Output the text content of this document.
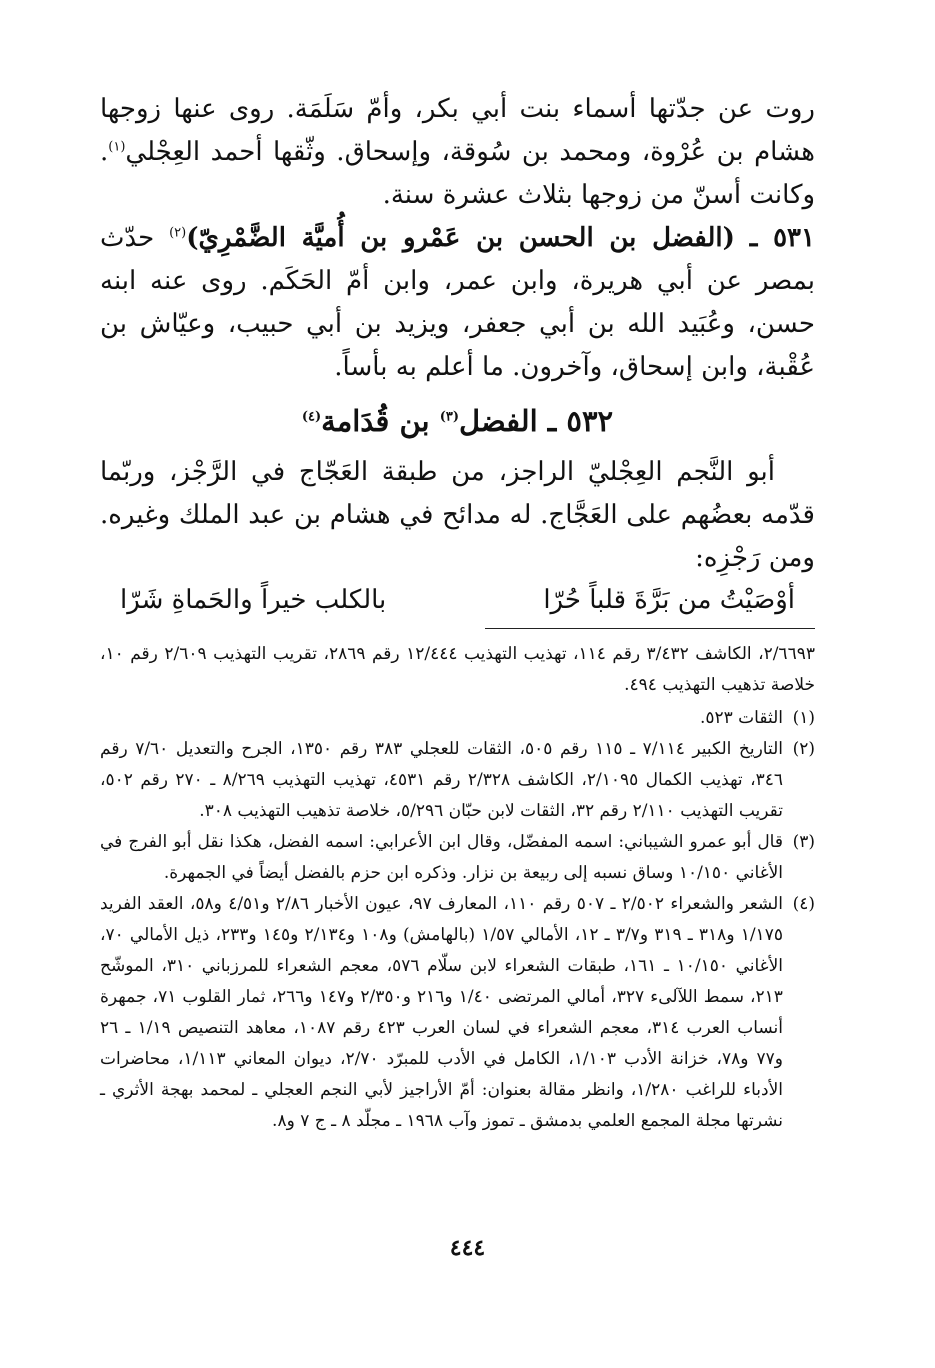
روت عن جدّتها أسماء بنت أبي بكر، وأمّ سَلَمَة. روى عنها زوجها هشام بن عُرْوة، ومحمد بن سُوقة، وإسحاق. وثّقها أحمد العِجْلي$^{(١)}$. وكانت أسنّ من زوجها بثلاث عشرة سنة.

٥٣١ ـ (الفضل بن الحسن بن عَمْرو بن أُميَّة الضَّمْرِيّ)$^{(٢)}$ حدّث بمصر عن أبي هريرة، وابن عمر، وابن أمّ الحَكَم. روى عنه ابنه حسن، وعُبَيد الله بن أبي جعفر، ويزيد بن أبي حبيب، وعيّاش بن عُقْبة، وابن إسحاق، وآخرون. ما أعلم به بأساً.

٥٣٢ ـ الفضل$^{(٣)}$ بن قُدَامة$^{(٤)}$

أبو النَّجم العِجْليّ الراجز، من طبقة العَجّاج في الرَّجْز، وربّما قدّمه بعضُهم على العَجَّاج. له مدائح في هشام بن عبد الملك وغيره. ومن رَجْزِه:

أوْصَيْتُ من بَرَّةَ قلباً حُرّا
بالكلب خيراً والحَماةِ شَرّا

٢/٦٦٩٣، الكاشف ٣/٤٣٢ رقم ١١٤، تهذيب التهذيب ١٢/٤٤٤ رقم ٢٨٦٩، تقريب التهذيب ٢/٦٠٩ رقم ١٠، خلاصة تذهيب التهذيب ٤٩٤.

(١)
الثقات ٥٢٣.
(٢)
التاريخ الكبير ٧/١١٤ ـ ١١٥ رقم ٥٠٥، الثقات للعجلي ٣٨٣ رقم ١٣٥٠، الجرح والتعديل ٧/٦٠ رقم ٣٤٦، تهذيب الكمال ٢/١٠٩٥، الكاشف ٢/٣٢٨ رقم ٤٥٣١، تهذيب التهذيب ٨/٢٦٩ ـ ٢٧٠ رقم ٥٠٢، تقريب التهذيب ٢/١١٠ رقم ٣٢، الثقات لابن حبّان ٥/٢٩٦، خلاصة تذهيب التهذيب ٣٠٨.
(٣)
قال أبو عمرو الشيباني: اسمه المفضّل، وقال ابن الأعرابي: اسمه الفضل، هكذا نقل أبو الفرج في الأغاني ١٠/١٥٠ وساق نسبه إلى ربيعة بن نزار. وذكره ابن حزم بالفضل أيضاً في الجمهرة.
(٤)
الشعر والشعراء ٢/٥٠٢ ـ ٥٠٧ رقم ١١٠، المعارف ٩٧، عيون الأخبار ٢/٨٦ و٤/٥١ و٥٨، العقد الفريد ١/١٧٥ و٣١٨ ـ ٣١٩ و٣/٧ ـ ١٢، الأمالي ١/٥٧ (بالهامش) و١٠٨ و٢/١٣٤ و١٤٥ و٢٣٣، ذيل الأمالي ٧٠، الأغاني ١٠/١٥٠ ـ ١٦١، طبقات الشعراء لابن سلّام ٥٧٦، معجم الشعراء للمرزباني ٣١٠، الموشّح ٢١٣، سمط اللآلىء ٣٢٧، أمالي المرتضى ١/٤٠ و٢١٦ و٢/٣٥٠ و١٤٧ و٢٦٦، ثمار القلوب ٧١، جمهرة أنساب العرب ٣١٤، معجم الشعراء في لسان العرب ٤٢٣ رقم ١٠٨٧، معاهد التنصيص ١/١٩ ـ ٢٦ و٧٧ و٧٨، خزانة الأدب ١/١٠٣، الكامل في الأدب للمبرّد ٢/٧٠، ديوان المعاني ١/١١٣، محاضرات الأدباء للراغب ١/٢٨٠، وانظر مقالة بعنوان: أمّ الأراجيز لأبي النجم العجلي ـ لمحمد بهجة الأثري ـ نشرتها مجلة المجمع العلمي بدمشق ـ تموز وآب ١٩٦٨ ـ مجلّد ٨ ـ ج ٧ و٨.
٤٤٤
